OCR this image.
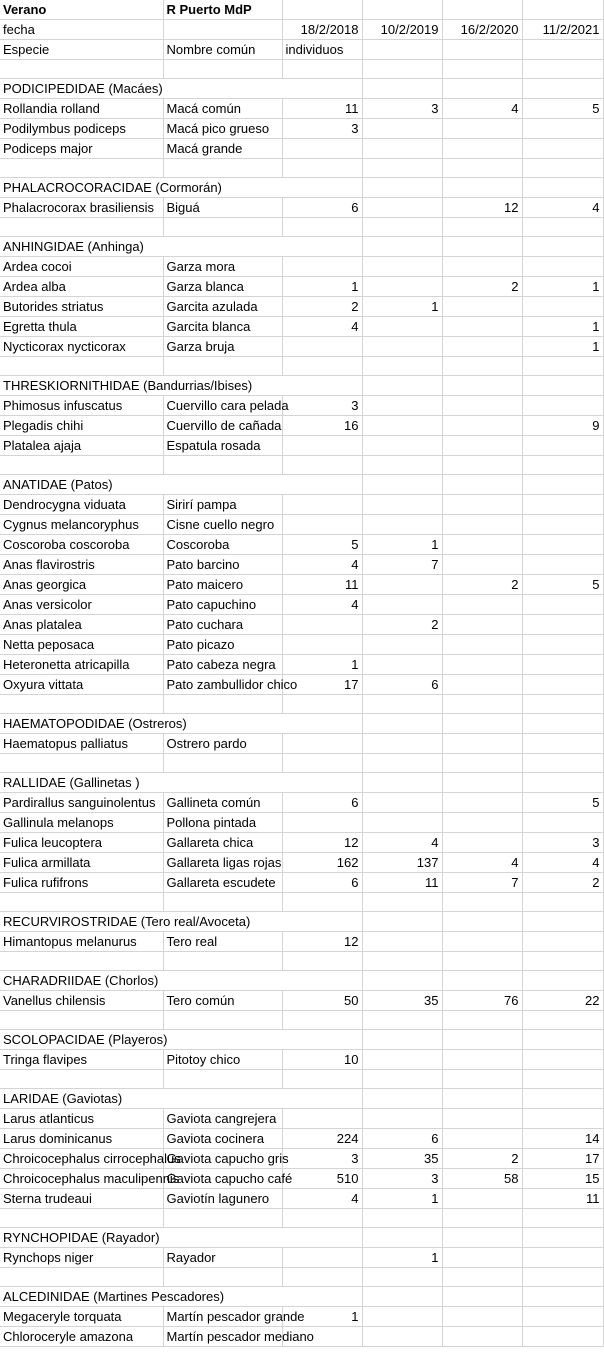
Verano	R Puerto MdP				
fecha		18/2/2018	10/2/2019	16/2/2020	11/2/2021
Especie	Nombre común	individuos			

PODICIPEDIDAE (Macáes)					
Rollandia rolland	Macá común	11	3	4	5
Podilymbus podiceps	Macá pico grueso	3			
Podiceps major	Macá grande				

PHALACROCORACIDAE (Cormorán)					
Phalacrocorax brasiliensis	Biguá	6		12	4

ANHINGIDAE (Anhinga)					
Ardea cocoi	Garza mora				
Ardea alba	Garza blanca	1		2	1
Butorides striatus	Garcita azulada	2	1		
Egretta thula	Garcita blanca	4			1
Nycticorax nycticorax	Garza bruja				1

THRESKIORNITHIDAE (Bandurrias/Ibises)					
Phimosus infuscatus	Cuervillo cara pelada	3			
Plegadis chihi	Cuervillo de cañada	16			9
Platalea ajaja	Espatula rosada				

ANATIDAE (Patos)					
Dendrocygna viduata	Sirirí pampa				
Cygnus melancoryphus	Cisne cuello negro				
Coscoroba coscoroba	Coscoroba	5	1		
Anas flavirostris	Pato barcino	4	7		
Anas georgica	Pato maicero	11		2	5
Anas versicolor	Pato capuchino	4			
Anas platalea	Pato cuchara		2		
Netta peposaca	Pato picazo				
Heteronetta atricapilla	Pato cabeza negra	1			
Oxyura vittata	Pato zambullidor chico	17	6		

HAEMATOPODIDAE (Ostreros)					
Haematopus palliatus	Ostrero pardo				

RALLIDAE (Gallinetas )					
Pardirallus sanguinolentus	Gallineta común	6			5
Gallinula melanops	Pollona pintada				
Fulica leucoptera	Gallareta chica	12	4		3
Fulica armillata	Gallareta ligas rojas	162	137	4	4
Fulica rufifrons	Gallareta escudete	6	11	7	2

RECURVIROSTRIDAE (Tero real/Avoceta)					
Himantopus melanurus	Tero real	12			

CHARADRIIDAE (Chorlos)					
Vanellus chilensis	Tero común	50	35	76	22

SCOLOPACIDAE (Playeros)					
Tringa flavipes	Pitotoy chico	10			

LARIDAE (Gaviotas)					
Larus atlanticus	Gaviota cangrejera				
Larus dominicanus	Gaviota cocinera	224	6		14
Chroicocephalus cirrocephalus	Gaviota capucho gris	3	35	2	17
Chroicocephalus maculipennis	Gaviota capucho café	510	3	58	15
Sterna trudeaui	Gaviotín lagunero	4	1		11

RYNCHOPIDAE (Rayador)					
Rynchops niger	Rayador		1		

ALCEDINIDAE (Martines Pescadores)					
Megaceryle torquata	Martín pescador grande	1			
Chloroceryle amazona	Martín pescador mediano				
